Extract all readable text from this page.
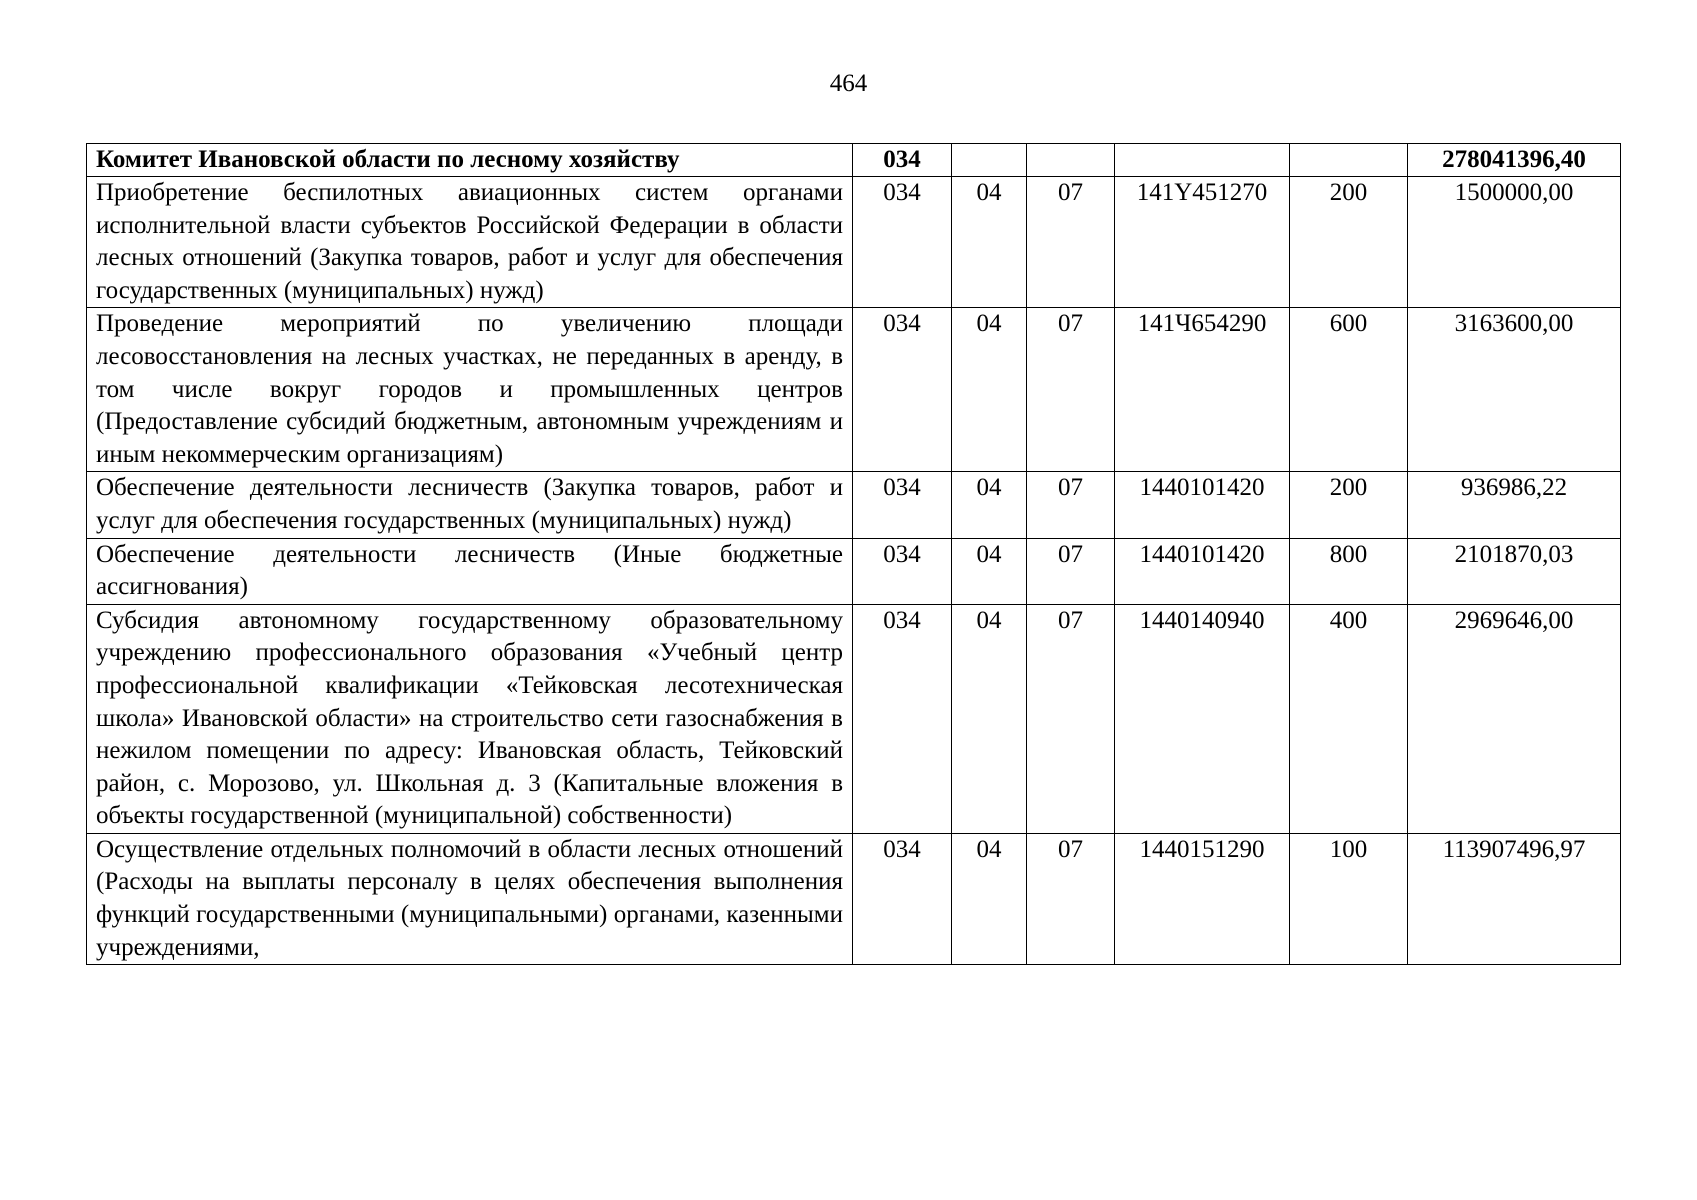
464
Комитет Ивановской области по лесному хозяйству	034					278041396,40
Приобретение беспилотных авиационных систем органами исполнительной власти субъектов Российской Федерации в области лесных отношений (Закупка товаров, работ и услуг для обеспечения государственных (муниципальных) нужд)	034	04	07	141Y451270	200	1500000,00
Проведение мероприятий по увеличению площади лесовосстановления на лесных участках, не переданных в аренду, в том числе вокруг городов и промышленных центров (Предоставление субсидий бюджетным, автономным учреждениям и иным некоммерческим организациям)	034	04	07	141Ч654290	600	3163600,00
Обеспечение деятельности лесничеств (Закупка товаров, работ и услуг для обеспечения государственных (муниципальных) нужд)	034	04	07	1440101420	200	936986,22
Обеспечение деятельности лесничеств (Иные бюджетные ассигнования)	034	04	07	1440101420	800	2101870,03
Субсидия автономному государственному образовательному учреждению профессионального образования «Учебный центр профессиональной квалификации «Тейковская лесотехническая школа» Ивановской области» на строительство сети газоснабжения в нежилом помещении по адресу: Ивановская область, Тейковский район, с. Морозово, ул. Школьная д. 3 (Капитальные вложения в объекты государственной (муниципальной) собственности)	034	04	07	1440140940	400	2969646,00
Осуществление отдельных полномочий в области лесных отношений (Расходы на выплаты персоналу в целях обеспечения выполнения функций государственными (муниципальными) органами, казенными учреждениями,	034	04	07	1440151290	100	113907496,97
